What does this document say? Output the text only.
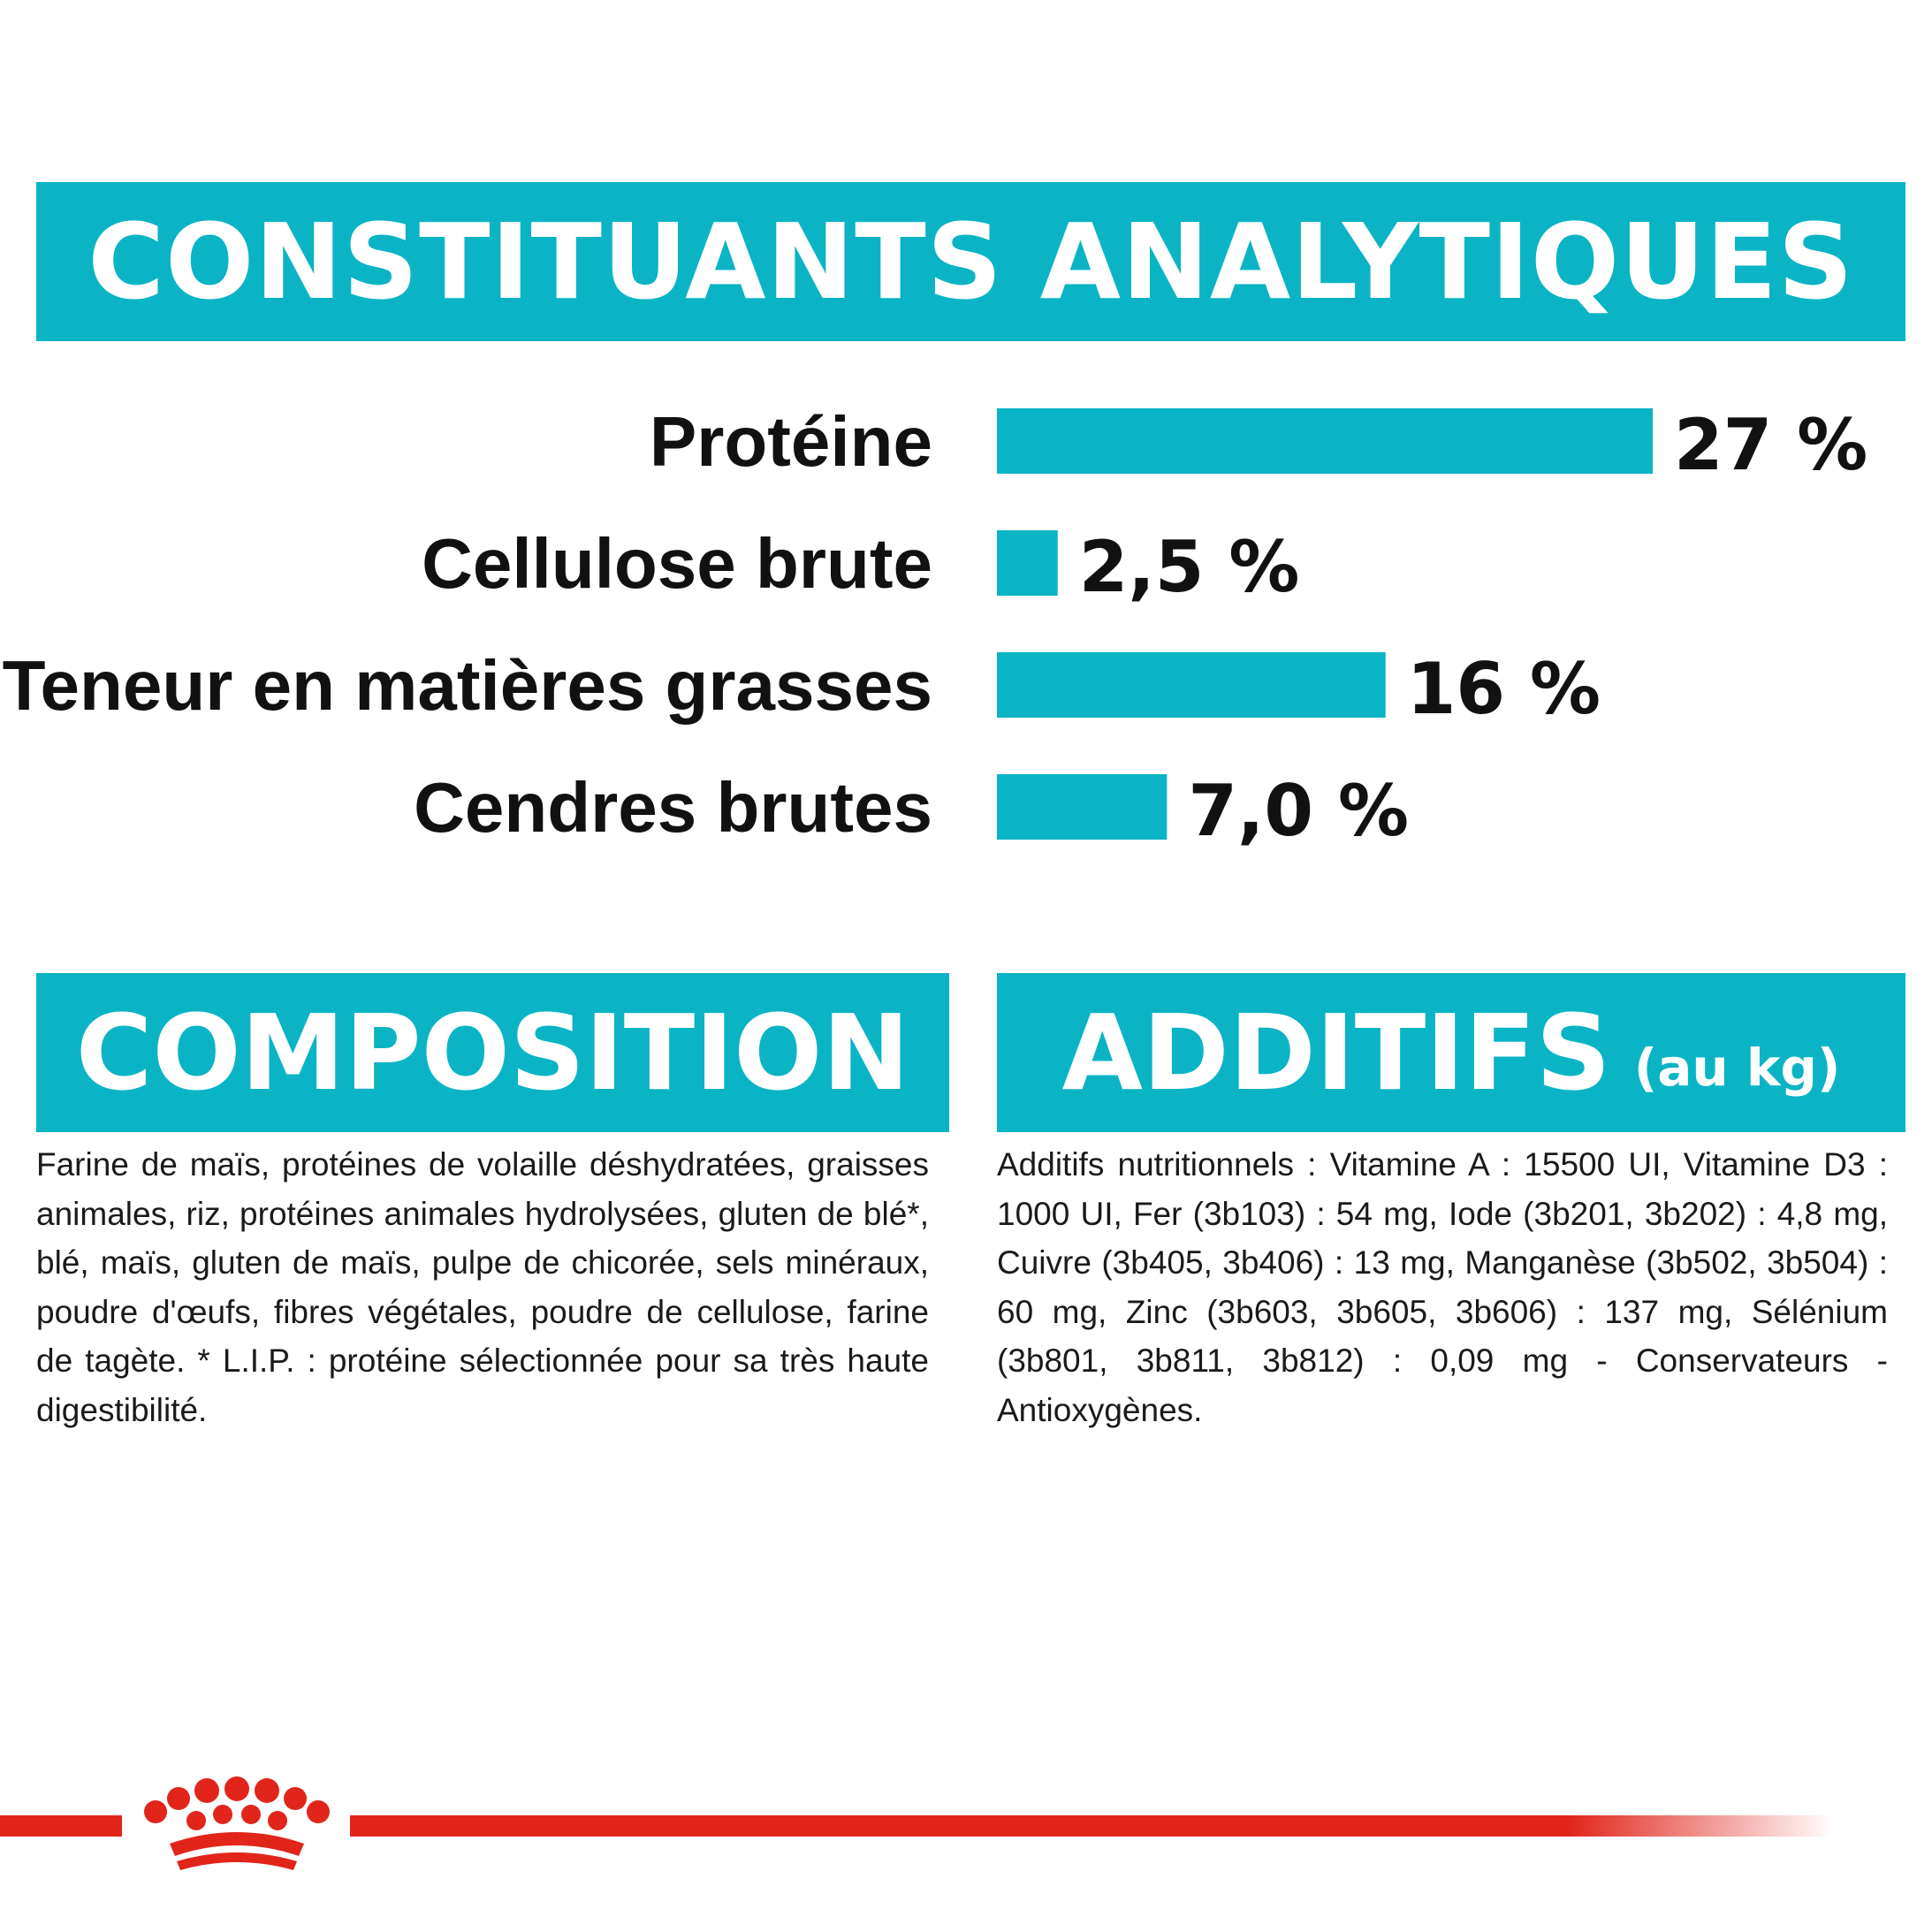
CONSTITUANTS ANALYTIQUES
Protéine	27 %
Cellulose brute 2,5 %
Teneur en matières grasses	16 %
Cendres brutes	7,0 %
COMPOSITION ADDITIFS (au kg)

Farine de maïs, protéines de volaille déshydratées, graisses animales, riz, protéines animales hydrolysées, gluten de blé*, blé, maïs, gluten de maïs, pulpe de chicorée, sels minéraux, poudre d'œufs, fibres végétales, poudre de cellulose, farine de tagète. * L.I.P. : protéine sélectionnée pour sa très haute digestibilité.

Additifs nutritionnels : Vitamine A : 15500 UI, Vitamine D3 : 1000 UI, Fer (3b103) : 54 mg, Iode (3b201, 3b202) : 4,8 mg, Cuivre (3b405, 3b406) : 13 mg, Manganèse (3b502, 3b504) : 60 mg, Zinc (3b603, 3b605, 3b606) : 137 mg, Sélénium (3b801, 3b811, 3b812) : 0,09 mg - Conservateurs - Antioxygènes.
